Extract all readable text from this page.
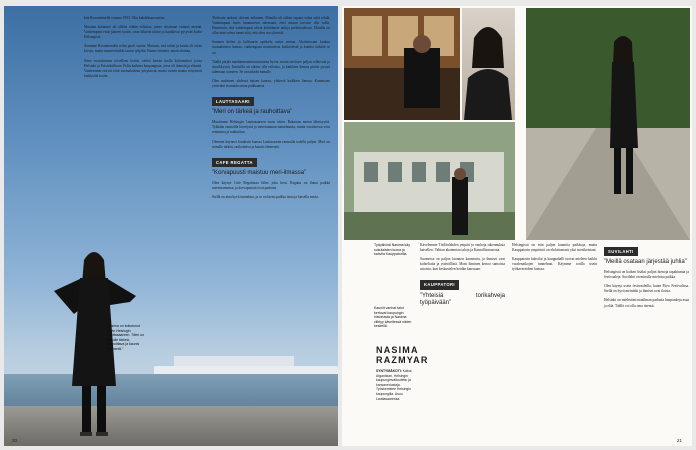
kön Rovaniemellä vuonna 1993. Olin kahdeksanvuotias.

Muuttaa kotimme oli silloin vähän erilaista, jonne olisimme voineet mennä. Vanhempani eivät jääneet kotiin, vaan lähtivät töihin ja hankkivat pysyvän kodin Helsingistä.

Asumme Rovaniemellä reilut puoli vuotta. Muistan, että taloni ja koulu oli aivan kivoja, mutta muuten kaikki tuntui tyhjältä. Emme tienneet, mistä aloittaa.

Siten vuotaisimme toiselleen kotiin, valitsi kerran tuolla kokemukset joista Helsinki ja Puistokallioon. Pidin kaikista kaupungista, jossa oli ihmisiä ja elämää. Vanhemmat etsivät töitä suomalaisista yrityksistä, mutta osasin maata erityisesti kaikkialla kotiin.

Tiedostin tarkasti olevani erilainen. Minulla oli silloin tapana valita mitä tehdä. Vanhempani myös kannustivat tulemaan, ettei minun tarvitse olla nolla. Huomasin, että vanhempani olivat kehittäneet taitoja perhekoulussa. Minulla on ollut aina vahva tunne siitä, että olen osa yhteisöä.

Suomen kielen ja kulttuurin opiskelu auttoi minua. Aloittaessani koulun suomalaisten kanssa, vanhempani muistuttivat kotikielestä ja kuinka tärkeää se on.

Täällä pärjää maahanmuuttotaustaisena hyvin, mutta tarvitsee paljon rohkeutta ja sinnikkyyttä. Ihmisillä on oikeus olla erilaisia, ja kaikkien kanssa pitäisi pystyä tulemaan toimeen. Se on tärkeää minulle.

Olen malainen yhdessä naisen kanssa, yhdessä kaikkien kanssa. Kannustan ystäviäni etsimään omaa paikkaansa.

LAUTTASAARI
”Meri on tärkeä ja rauhoittava”

Muutimme Helsingin Lauttasaareen vuosi sitten. Rakastan meren läheisyyttä. Tykkään rannoilla kävelystä ja merenrannan tunnelmasta, mutta vuoristossa voin rentoutua ja rauhoittua.

Olemme käyneet Jonaksen kanssa Lauttasaaren rannoilla todella paljon. Meri on minulle tärkeä, rauhoittava ja kaunis elementti.

CAFE REGATTA
”Korvapuusti maistuu meri-ilmassa”

Olen käynyt Cafe Regattassa lähes joka kesä. Regatta on ihana paikka merenrannassa, ja korvapuustit ovat parhaita.

Siellä on aina hyvä tunnelma, ja se on hieno paikka istua ja katsella merta.

Nasima on kotiutunut hyvin Helsingin Lauttasaareen. ”Meri on minulle tärkeä, rauhoittava ja kaunis elementti.”
20
Työpäivinä Nasima käy sukulaisten luona ja kahvila Kauppatorilla.
Kauniit vanhat talot kertovat kaupungin historiasta ja Nasima viihtyy kävellessä niiden keskellä.
NASIMA RAZMYAR
SYNTYMÄKOTI: Kabul, Afganistan. Helsingin kaupunginvaltuutettu ja kansanedustaja. Työskentelee Helsingin kaupungilla. Asuu Lauttasaaressa.

Kävelemme Töölönlahden ympäri ja vanhoja rakennuksia katsellen. Valtion akatemian taloja ja Kansallismuseota.

Suomessa on paljon luonnon kauneutta, ja ihmiset ovat kohteliaita ja ystävällisiä. Moni ihminen kertoo samoista asioista, kun keskustelen heidän kanssaan.

KAUPPATORI
”Yhteisiä torikahveja työpäivään”

Helsingissä on niin paljon kauniita paikkoja, mutta Kauppatorin ympäristö on ehdottomasti yksi suosikeistani.

Kauppatorin kahvilat ja kauppahalli tuovat mieleen kaikki vuodenaikojen tunnelmat. Käymme torilla usein työkavereideni kanssa.

SUVILAHTI
”Meillä osataan järjestää juhlia”

Helsingissä on kaiken lisäksi paljon hienoja tapahtumia ja festivaaleja. Suvilahti on minulle mieluisa paikka.

Olen käynyt usein festivaaleilla, kuten Flow Festivalissa. Siellä on hyvä meininki ja ihmiset ovat iloisia.

Helsinki on mielestäni maailman parhaita kaupunkeja asua ja elää. Täällä voi olla oma itsensä.

21
